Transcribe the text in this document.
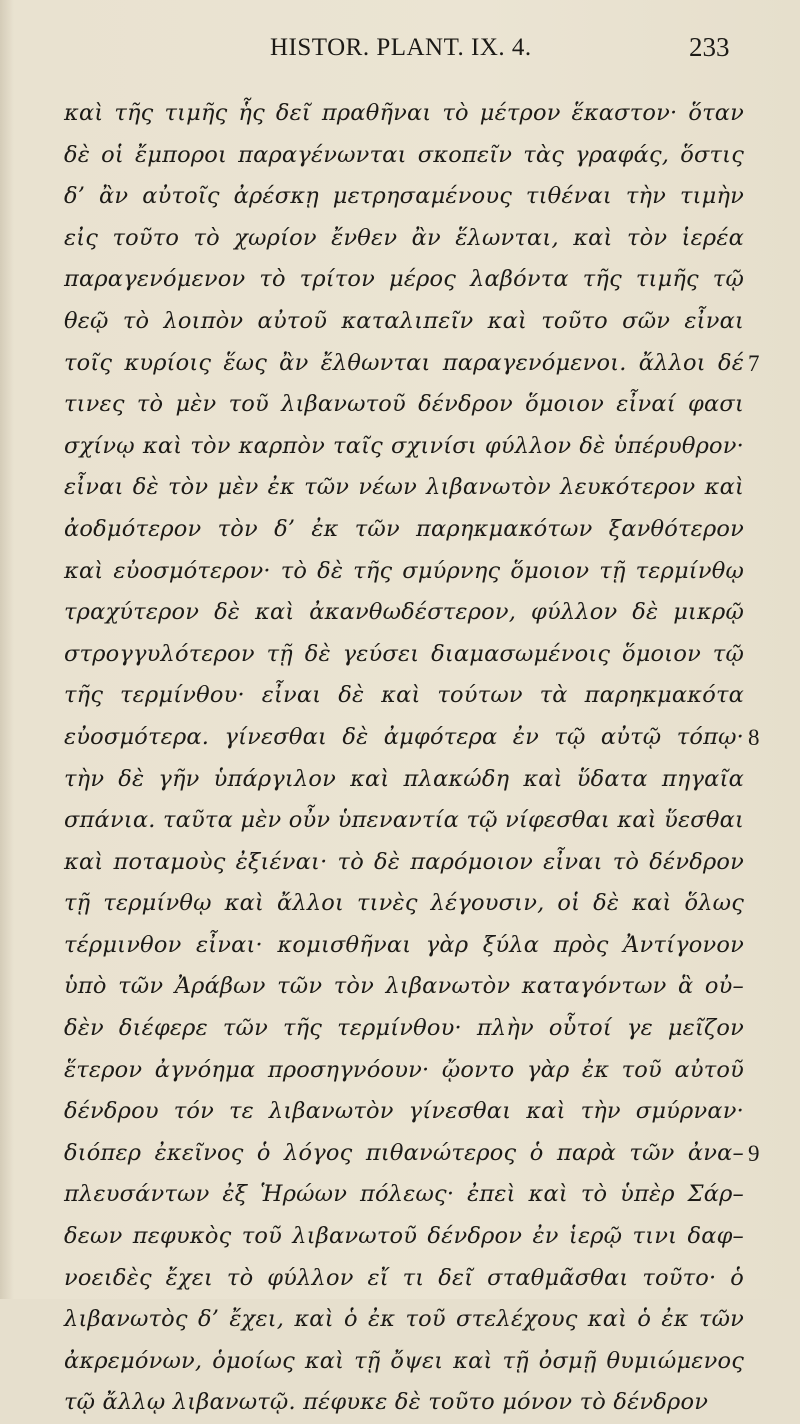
HISTOR. PLANT. IX. 4.	233
καὶ τῆς τιμῆς ἧς δεῖ πραθῆναι τὸ μέτρον ἕκαστον· ὅταν
δὲ οἱ ἔμποροι παραγένωνται σκοπεῖν τὰς γραφάς, ὅστις
δ’ ἂν αὐτοῖς ἀρέσκῃ μετρησαμένους τιθέναι τὴν τιμὴν
εἰς τοῦτο τὸ χωρίον ἔνθεν ἂν ἕλωνται, καὶ τὸν ἱερέα
παραγενόμενον τὸ τρίτον μέρος λαβόντα τῆς τιμῆς τῷ
θεῷ τὸ λοιπὸν αὐτοῦ καταλιπεῖν καὶ τοῦτο σῶν εἶναι
τοῖς κυρίοις ἕως ἂν ἔλθωνται παραγενόμενοι. ἄλλοι δέ
τινες τὸ μὲν τοῦ λιβανωτοῦ δένδρον ὅμοιον εἶναί φασι
σχίνῳ καὶ τὸν καρπὸν ταῖς σχινίσι φύλλον δὲ ὑπέρυθρον·
εἶναι δὲ τὸν μὲν ἐκ τῶν νέων λιβανωτὸν λευκότερον καὶ
ἀοδμότερον τὸν δ’ ἐκ τῶν παρηκμακότων ξανθότερον
καὶ εὐοσμότερον· τὸ δὲ τῆς σμύρνης ὅμοιον τῇ τερμίνθῳ
τραχύτερον δὲ καὶ ἀκανθωδέστερον, φύλλον δὲ μικρῷ
στρογγυλότερον τῇ δὲ γεύσει διαμασωμένοις ὅμοιον τῷ
τῆς τερμίνθου· εἶναι δὲ καὶ τούτων τὰ παρηκμακότα
εὐοσμότερα. γίνεσθαι δὲ ἀμφότερα ἐν τῷ αὐτῷ τόπῳ·
τὴν δὲ γῆν ὑπάργιλον καὶ πλακώδη καὶ ὕδατα πηγαῖα
σπάνια. ταῦτα μὲν οὖν ὑπεναντία τῷ νίφεσθαι καὶ ὕεσθαι
καὶ ποταμοὺς ἐξιέναι· τὸ δὲ παρόμοιον εἶναι τὸ δένδρον
τῇ τερμίνθῳ καὶ ἄλλοι τινὲς λέγουσιν, οἱ δὲ καὶ ὅλως
τέρμινθον εἶναι· κομισθῆναι γὰρ ξύλα πρὸς Ἀντίγονον
ὑπὸ τῶν Ἀράβων τῶν τὸν λιβανωτὸν καταγόντων ἃ οὐ–
δὲν διέφερε τῶν τῆς τερμίνθου· πλὴν οὗτοί γε μεῖζον
ἕτερον ἀγνόημα προσηγνόουν· ᾤοντο γὰρ ἐκ τοῦ αὐτοῦ
δένδρου τόν τε λιβανωτὸν γίνεσθαι καὶ τὴν σμύρναν·
διόπερ ἐκεῖνος ὁ λόγος πιθανώτερος ὁ παρὰ τῶν ἀνα–
πλευσάντων ἐξ Ἡρώων πόλεως· ἐπεὶ καὶ τὸ ὑπὲρ Σάρ–
δεων πεφυκὸς τοῦ λιβανωτοῦ δένδρον ἐν ἱερῷ τινι δαφ–
νοειδὲς ἔχει τὸ φύλλον εἴ τι δεῖ σταθμᾶσθαι τοῦτο· ὁ
λιβανωτὸς δ’ ἔχει, καὶ ὁ ἐκ τοῦ στελέχους καὶ ὁ ἐκ τῶν
ἀκρεμόνων, ὁμοίως καὶ τῇ ὄψει καὶ τῇ ὀσμῇ θυμιώμενος
τῷ ἄλλῳ λιβανωτῷ. πέφυκε δὲ τοῦτο μόνον τὸ δένδρον
7
8
9
